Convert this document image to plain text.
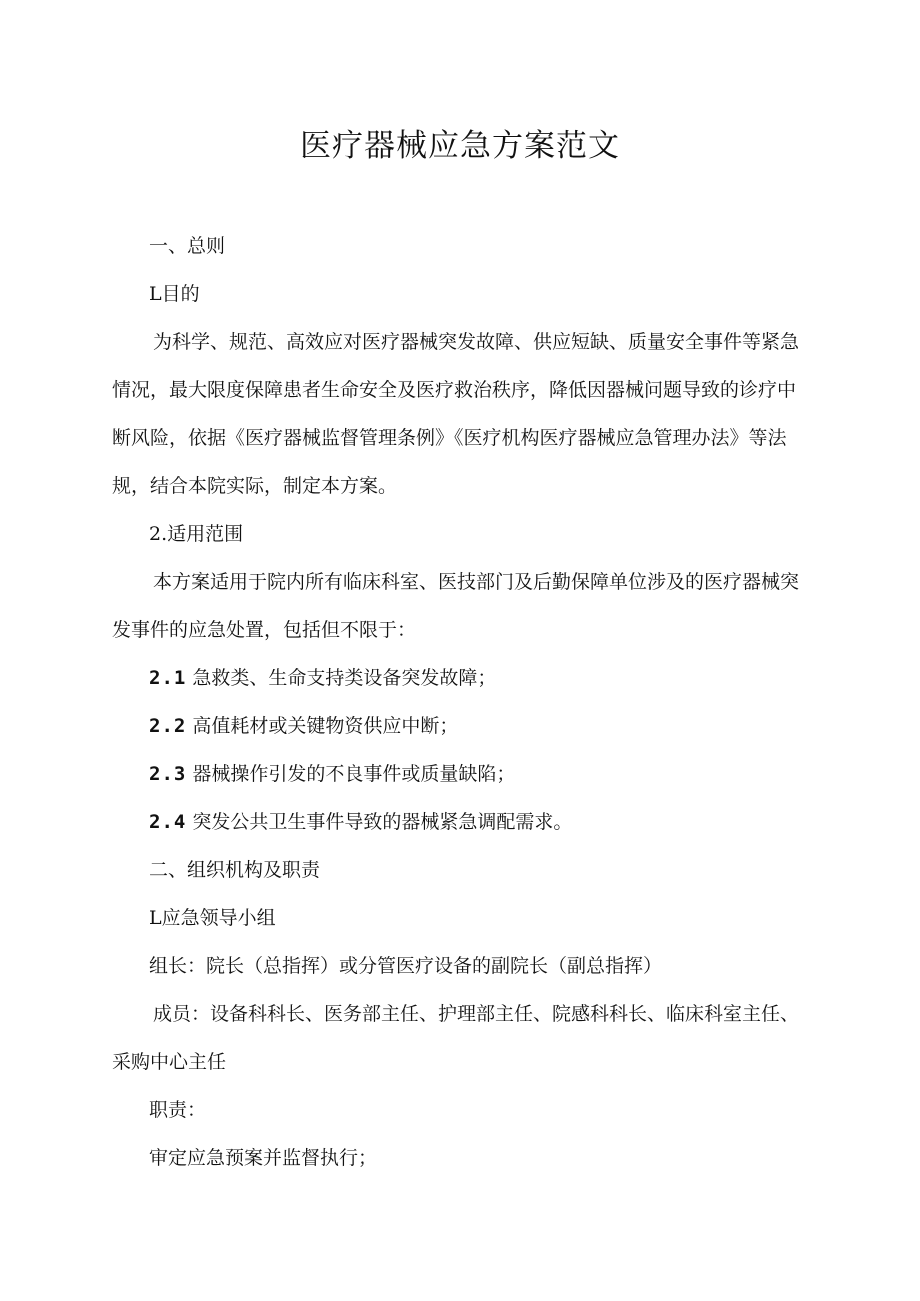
医疗器械应急方案范文

一、总则

L目的

为科学、规范、高效应对医疗器械突发故障、供应短缺、质量安全事件等紧急情况，最大限度保障患者生命安全及医疗救治秩序，降低因器械问题导致的诊疗中断风险，依据《医疗器械监督管理条例》《医疗机构医疗器械应急管理办法》等法规，结合本院实际，制定本方案。

2.适用范围

本方案适用于院内所有临床科室、医技部门及后勤保障单位涉及的医疗器械突发事件的应急处置，包括但不限于：

2.1 急救类、生命支持类设备突发故障；

2.2 高值耗材或关键物资供应中断；

2.3 器械操作引发的不良事件或质量缺陷；

2.4 突发公共卫生事件导致的器械紧急调配需求。

二、组织机构及职责

L应急领导小组

组长：院长（总指挥）或分管医疗设备的副院长（副总指挥）

成员：设备科科长、医务部主任、护理部主任、院感科科长、临床科室主任、采购中心主任

职责：

审定应急预案并监督执行；
